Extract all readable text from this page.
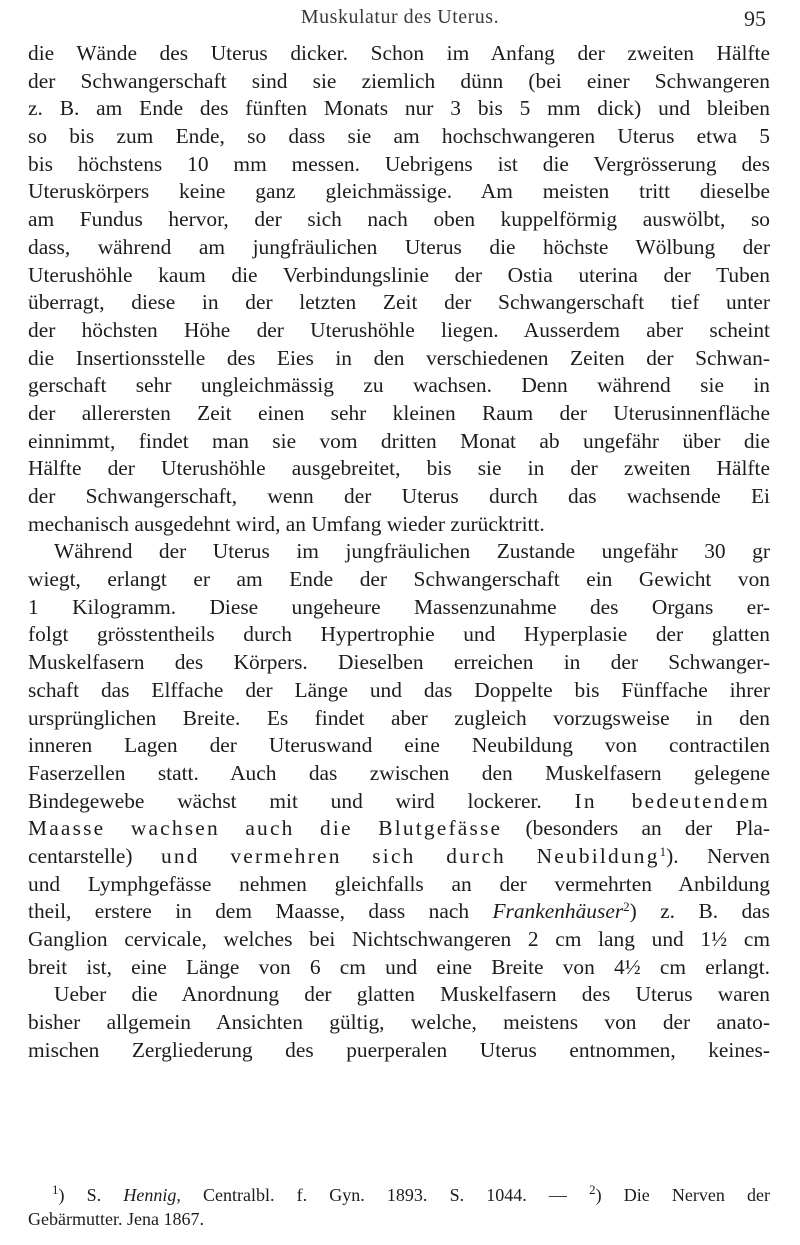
Muskulatur des Uterus.	95
die Wände des Uterus dicker. Schon im Anfang der zweiten Hälfte
der Schwangerschaft sind sie ziemlich dünn (bei einer Schwangeren
z. B. am Ende des fünften Monats nur 3 bis 5 mm dick) und bleiben
so bis zum Ende, so dass sie am hochschwangeren Uterus etwa 5
bis höchstens 10 mm messen. Uebrigens ist die Vergrösserung des
Uteruskörpers keine ganz gleichmässige. Am meisten tritt dieselbe
am Fundus hervor, der sich nach oben kuppelförmig auswölbt, so
dass, während am jungfräulichen Uterus die höchste Wölbung der
Uterushöhle kaum die Verbindungslinie der Ostia uterina der Tuben
überragt, diese in der letzten Zeit der Schwangerschaft tief unter
der höchsten Höhe der Uterushöhle liegen. Ausserdem aber scheint
die Insertionsstelle des Eies in den verschiedenen Zeiten der Schwan-
gerschaft sehr ungleichmässig zu wachsen. Denn während sie in
der allerersten Zeit einen sehr kleinen Raum der Uterusinnenfläche
einnimmt, findet man sie vom dritten Monat ab ungefähr über die
Hälfte der Uterushöhle ausgebreitet, bis sie in der zweiten Hälfte
der Schwangerschaft, wenn der Uterus durch das wachsende Ei
mechanisch ausgedehnt wird, an Umfang wieder zurücktritt.
Während der Uterus im jungfräulichen Zustande ungefähr 30 gr
wiegt, erlangt er am Ende der Schwangerschaft ein Gewicht von
1 Kilogramm. Diese ungeheure Massenzunahme des Organs er-
folgt grösstentheils durch Hypertrophie und Hyperplasie der glatten
Muskelfasern des Körpers. Dieselben erreichen in der Schwanger-
schaft das Elffache der Länge und das Doppelte bis Fünffache ihrer
ursprünglichen Breite. Es findet aber zugleich vorzugsweise in den
inneren Lagen der Uteruswand eine Neubildung von contractilen
Faserzellen statt. Auch das zwischen den Muskelfasern gelegene
Bindegewebe wächst mit und wird lockerer. In bedeutendem
Maasse wachsen auch die Blutgefässe (besonders an der Pla-
centarstelle) und vermehren sich durch Neubildung$^1$). Nerven
und Lymphgefässe nehmen gleichfalls an der vermehrten Anbildung
theil, erstere in dem Maasse, dass nach Frankenhäuser$^2$) z. B. das
Ganglion cervicale, welches bei Nichtschwangeren 2 cm lang und 1½ cm
breit ist, eine Länge von 6 cm und eine Breite von 4½ cm erlangt.
Ueber die Anordnung der glatten Muskelfasern des Uterus waren
bisher allgemein Ansichten gültig, welche, meistens von der anato-
mischen Zergliederung des puerperalen Uterus entnommen, keines-
$^1$) S. Hennig, Centralbl. f. Gyn. 1893. S. 1044. — $^2$) Die Nerven der
Gebärmutter. Jena 1867.
